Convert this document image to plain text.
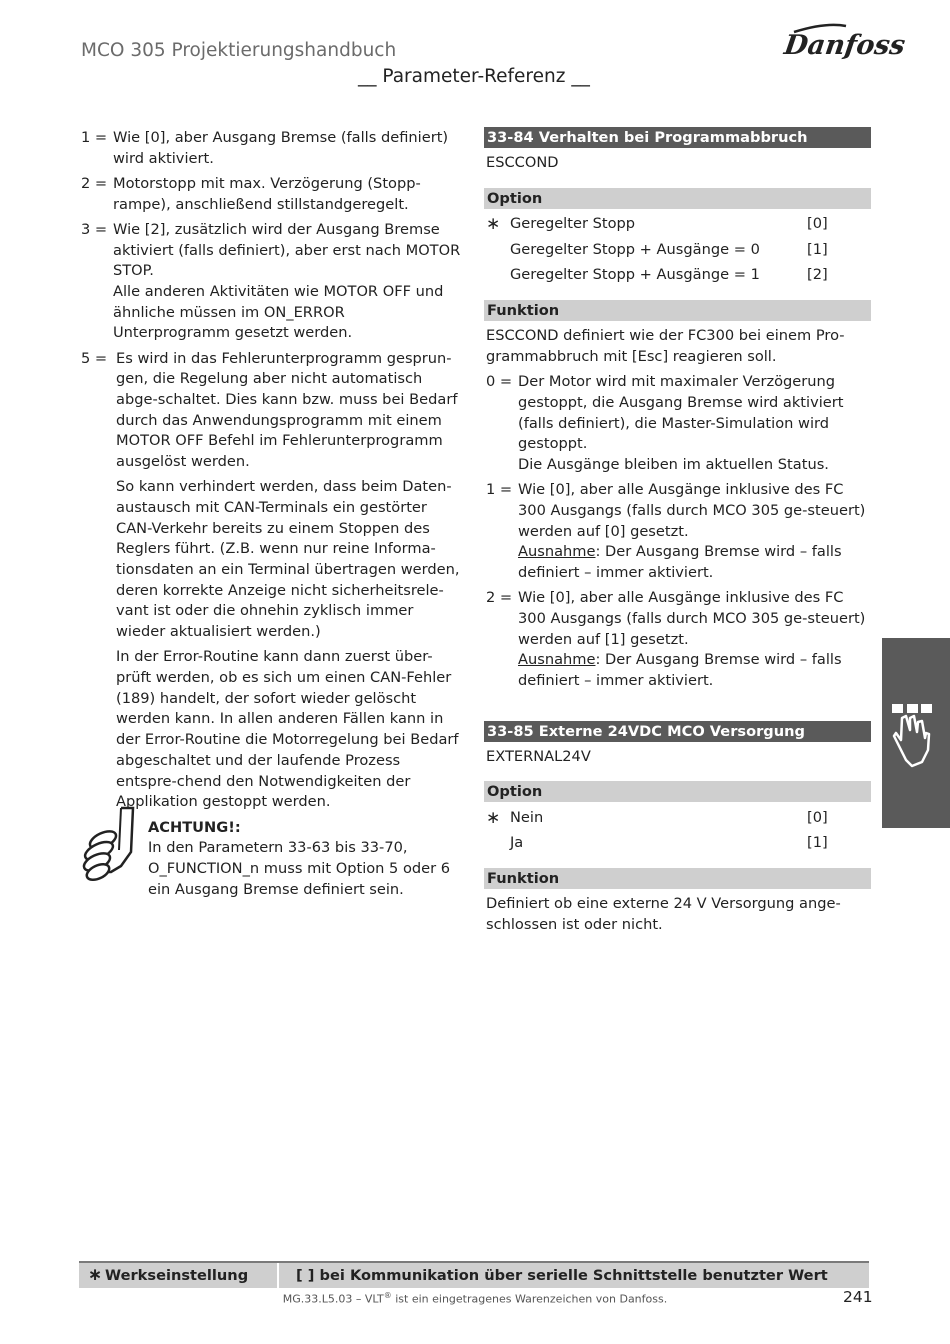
MCO 305 Projektierungshandbuch
__ Parameter-Referenz __
Danfoss
1 = Wie [0], aber Ausgang Bremse (falls definiert) wird aktiviert.

2 = Motorstopp mit max. Verzögerung (Stopp-rampe), anschließend stillstandgeregelt.

3 = Wie [2], zusätzlich wird der Ausgang Bremse aktiviert (falls definiert), aber erst nach MOTOR STOP.

Alle anderen Aktivitäten wie MOTOR OFF und ähnliche müssen im ON_ERROR Unterprogramm gesetzt werden.

5 = Es wird in das Fehlerunterprogramm gesprun-gen, die Regelung aber nicht automatisch abge-schaltet. Dies kann bzw. muss bei Bedarf durch das Anwendungsprogramm mit einem MOTOR OFF Befehl im Fehlerunterprogramm ausgelöst werden.

So kann verhindert werden, dass beim Daten-austausch mit CAN-Terminals ein gestörter CAN-Verkehr bereits zu einem Stoppen des Reglers führt. (Z.B. wenn nur reine Informa-tionsdaten an ein Terminal übertragen werden, deren korrekte Anzeige nicht sicherheitsrele-vant ist oder die ohnehin zyklisch immer wieder aktualisiert werden.)

In der Error-Routine kann dann zuerst über-prüft werden, ob es sich um einen CAN-Fehler (189) handelt, der sofort wieder gelöscht werden kann. In allen anderen Fällen kann in der Error-Routine die Motorregelung bei Bedarf abgeschaltet und der laufende Prozess entspre-chend den Notwendigkeiten der Applikation gestoppt werden.

ACHTUNG!:
In den Parametern 33-63 bis 33-70, O_FUNCTION_n muss mit Option 5 oder 6 ein Ausgang Bremse definiert sein.
33-84 Verhalten bei Programmabbruch
ESCCOND
Option
∗ Geregelter Stopp	[0]
Geregelter Stopp + Ausgänge = 0	[1]
Geregelter Stopp + Ausgänge = 1	[2]
Funktion
ESCCOND definiert wie der FC300 bei einem Pro-grammabbruch mit [Esc] reagieren soll.
0 = Der Motor wird mit maximaler Verzögerung gestoppt, die Ausgang Bremse wird aktiviert (falls definiert), die Master-Simulation wird gestoppt.
Die Ausgänge bleiben im aktuellen Status.
1 = Wie [0], aber alle Ausgänge inklusive des FC 300 Ausgangs (falls durch MCO 305 ge-steuert) werden auf [0] gesetzt.
Ausnahme: Der Ausgang Bremse wird – falls definiert – immer aktiviert.
2 = Wie [0], aber alle Ausgänge inklusive des FC 300 Ausgangs (falls durch MCO 305 ge-steuert) werden auf [1] gesetzt.
Ausnahme: Der Ausgang Bremse wird – falls definiert – immer aktiviert.
33-85 Externe 24VDC MCO Versorgung
EXTERNAL24V
Option
∗ Nein	[0]
Ja	[1]
Funktion
Definiert ob eine externe 24 V Versorgung ange-schlossen ist oder nicht.
∗ Werkseinstellung	[ ] bei Kommunikation über serielle Schnittstelle benutzter Wert
MG.33.L5.03 – VLT® ist ein eingetragenes Warenzeichen von Danfoss.	241
